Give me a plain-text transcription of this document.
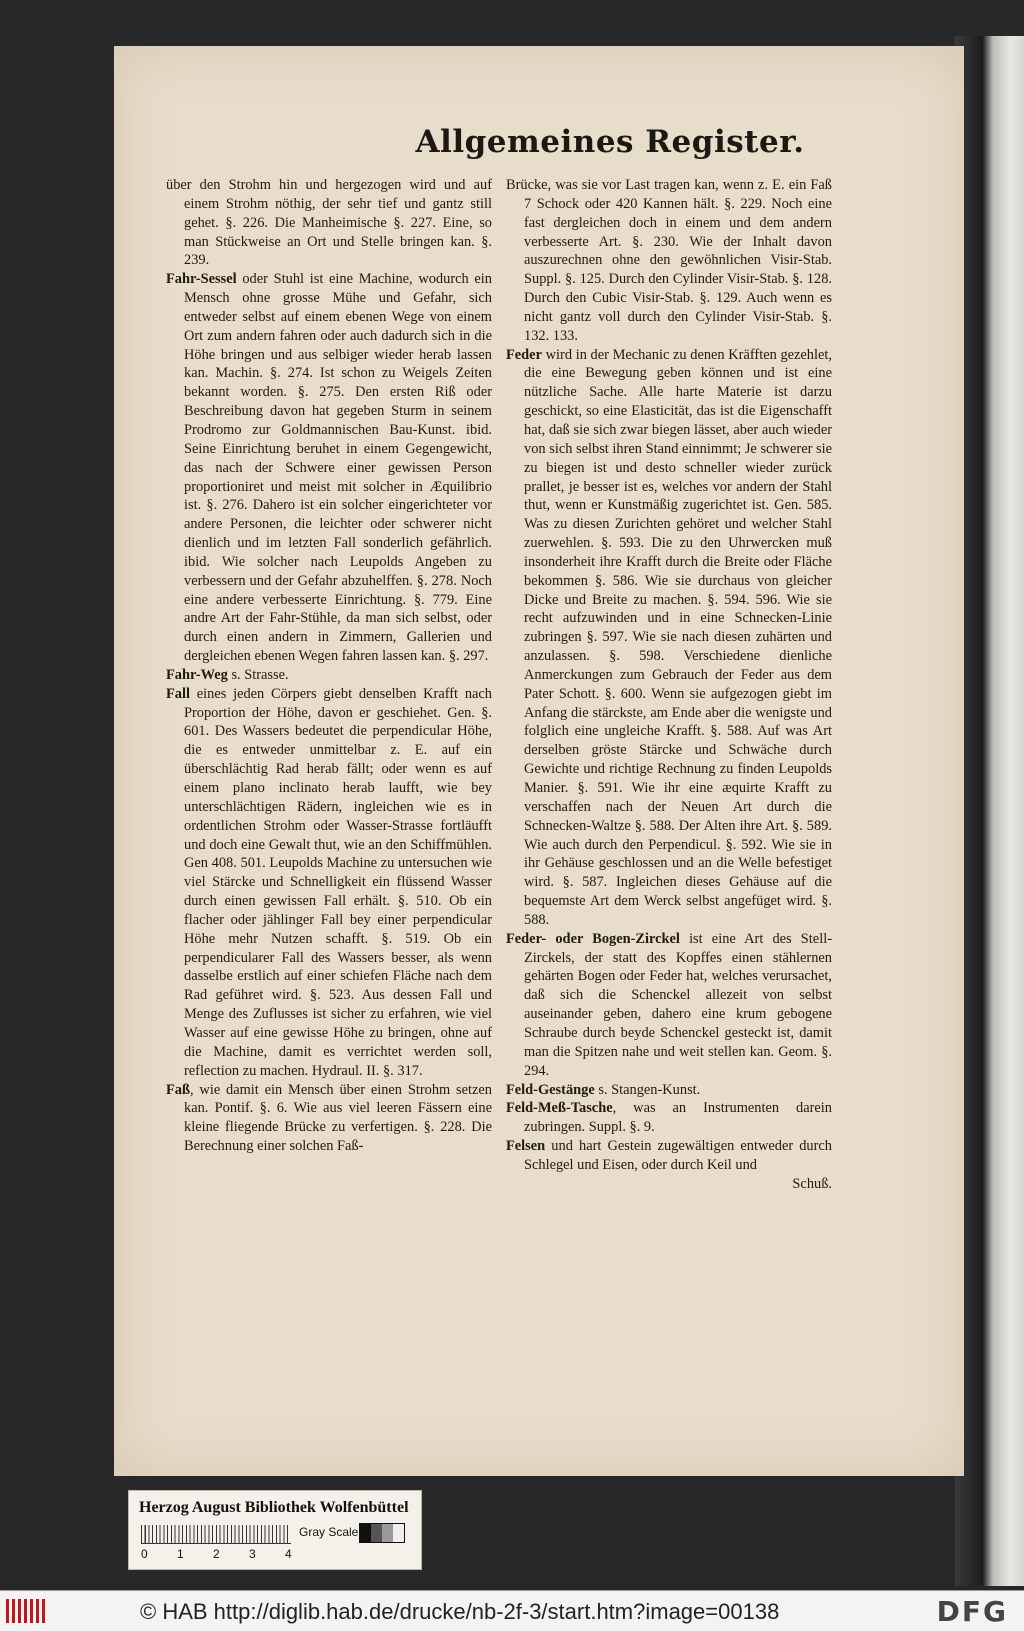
Allgemeines Register.

über den Strohm hin und hergezogen wird und auf einem Strohm nöthig, der sehr tief und gantz still gehet. §. 226. Die Manheimische §. 227. Eine, so man Stückweise an Ort und Stelle bringen kan. §. 239.

Fahr-Sessel oder Stuhl ist eine Machine, wodurch ein Mensch ohne grosse Mühe und Gefahr, sich entweder selbst auf einem ebenen Wege von einem Ort zum andern fahren oder auch dadurch sich in die Höhe bringen und aus selbiger wieder herab lassen kan. Machin. §. 274. Ist schon zu Weigels Zeiten bekannt worden. §. 275. Den ersten Riß oder Beschreibung davon hat gegeben Sturm in seinem Prodromo zur Goldmannischen Bau-Kunst. ibid. Seine Einrichtung beruhet in einem Gegengewicht, das nach der Schwere einer gewissen Person proportioniret und meist mit solcher in Æquilibrio ist. §. 276. Dahero ist ein solcher eingerichteter vor andere Personen, die leichter oder schwerer nicht dienlich und im letzten Fall sonderlich gefährlich. ibid. Wie solcher nach Leupolds Angeben zu verbessern und der Gefahr abzuhelffen. §. 278. Noch eine andere verbesserte Einrichtung. §. 779. Eine andre Art der Fahr-Stühle, da man sich selbst, oder durch einen andern in Zimmern, Gallerien und dergleichen ebenen Wegen fahren lassen kan. §. 297.

Fahr-Weg s. Strasse.

Fall eines jeden Cörpers giebt denselben Krafft nach Proportion der Höhe, davon er geschiehet. Gen. §. 601. Des Wassers bedeutet die perpendicular Höhe, die es entweder unmittelbar z. E. auf ein überschlächtig Rad herab fällt; oder wenn es auf einem plano inclinato herab laufft, wie bey unterschlächtigen Rädern, ingleichen wie es in ordentlichen Strohm oder Wasser-Strasse fortläufft und doch eine Gewalt thut, wie an den Schiffmühlen. Gen 408. 501. Leupolds Machine zu untersuchen wie viel Stärcke und Schnelligkeit ein flüssend Wasser durch einen gewissen Fall erhält. §. 510. Ob ein flacher oder jählinger Fall bey einer perpendicular Höhe mehr Nutzen schafft. §. 519. Ob ein perpendicularer Fall des Wassers besser, als wenn dasselbe erstlich auf einer schiefen Fläche nach dem Rad geführet wird. §. 523. Aus dessen Fall und Menge des Zuflusses ist sicher zu erfahren, wie viel Wasser auf eine gewisse Höhe zu bringen, ohne auf die Machine, damit es verrichtet werden soll, reflection zu machen. Hydraul. II. §. 317.

Faß, wie damit ein Mensch über einen Strohm setzen kan. Pontif. §. 6. Wie aus viel leeren Fässern eine kleine fliegende Brücke zu verfertigen. §. 228. Die Berechnung einer solchen Faß-

Brücke, was sie vor Last tragen kan, wenn z. E. ein Faß 7 Schock oder 420 Kannen hält. §. 229. Noch eine fast dergleichen doch in einem und dem andern verbesserte Art. §. 230. Wie der Inhalt davon auszurechnen ohne den gewöhnlichen Visir-Stab. Suppl. §. 125. Durch den Cylinder Visir-Stab. §. 128. Durch den Cubic Visir-Stab. §. 129. Auch wenn es nicht gantz voll durch den Cylinder Visir-Stab. §. 132. 133.

Feder wird in der Mechanic zu denen Kräfften gezehlet, die eine Bewegung geben können und ist eine nützliche Sache. Alle harte Materie ist darzu geschickt, so eine Elasticität, das ist die Eigenschafft hat, daß sie sich zwar biegen lässet, aber auch wieder von sich selbst ihren Stand einnimmt; Je schwerer sie zu biegen ist und desto schneller wieder zurück prallet, je besser ist es, welches vor andern der Stahl thut, wenn er Kunstmäßig zugerichtet ist. Gen. 585. Was zu diesen Zurichten gehöret und welcher Stahl zuerwehlen. §. 593. Die zu den Uhrwercken muß insonderheit ihre Krafft durch die Breite oder Fläche bekommen §. 586. Wie sie durchaus von gleicher Dicke und Breite zu machen. §. 594. 596. Wie sie recht aufzuwinden und in eine Schnecken-Linie zubringen §. 597. Wie sie nach diesen zuhärten und anzulassen. §. 598. Verschiedene dienliche Anmerckungen zum Gebrauch der Feder aus dem Pater Schott. §. 600. Wenn sie aufgezogen giebt im Anfang die stärckste, am Ende aber die wenigste und folglich eine ungleiche Krafft. §. 588. Auf was Art derselben gröste Stärcke und Schwäche durch Gewichte und richtige Rechnung zu finden Leupolds Manier. §. 591. Wie ihr eine æquirte Krafft zu verschaffen nach der Neuen Art durch die Schnecken-Waltze §. 588. Der Alten ihre Art. §. 589. Wie auch durch den Perpendicul. §. 592. Wie sie in ihr Gehäuse geschlossen und an die Welle befestiget wird. §. 587. Ingleichen dieses Gehäuse auf die bequemste Art dem Werck selbst angefüget wird. §. 588.

Feder- oder Bogen-Zirckel ist eine Art des Stell-Zirckels, der statt des Kopffes einen stählernen gehärten Bogen oder Feder hat, welches verursachet, daß sich die Schenckel allezeit von selbst auseinander geben, dahero eine krum gebogene Schraube durch beyde Schenckel gesteckt ist, damit man die Spitzen nahe und weit stellen kan. Geom. §. 294.

Feld-Gestänge s. Stangen-Kunst.

Feld-Meß-Tasche, was an Instrumenten darein zubringen. Suppl. §. 9.

Felsen und hart Gestein zugewältigen entweder durch Schlegel und Eisen, oder durch Keil und

Schuß.
Herzog August Bibliothek Wolfenbüttel
0 1 2 3 4
Gray Scale
© HAB http://diglib.hab.de/drucke/nb-2f-3/start.htm?image=00138	DFG
